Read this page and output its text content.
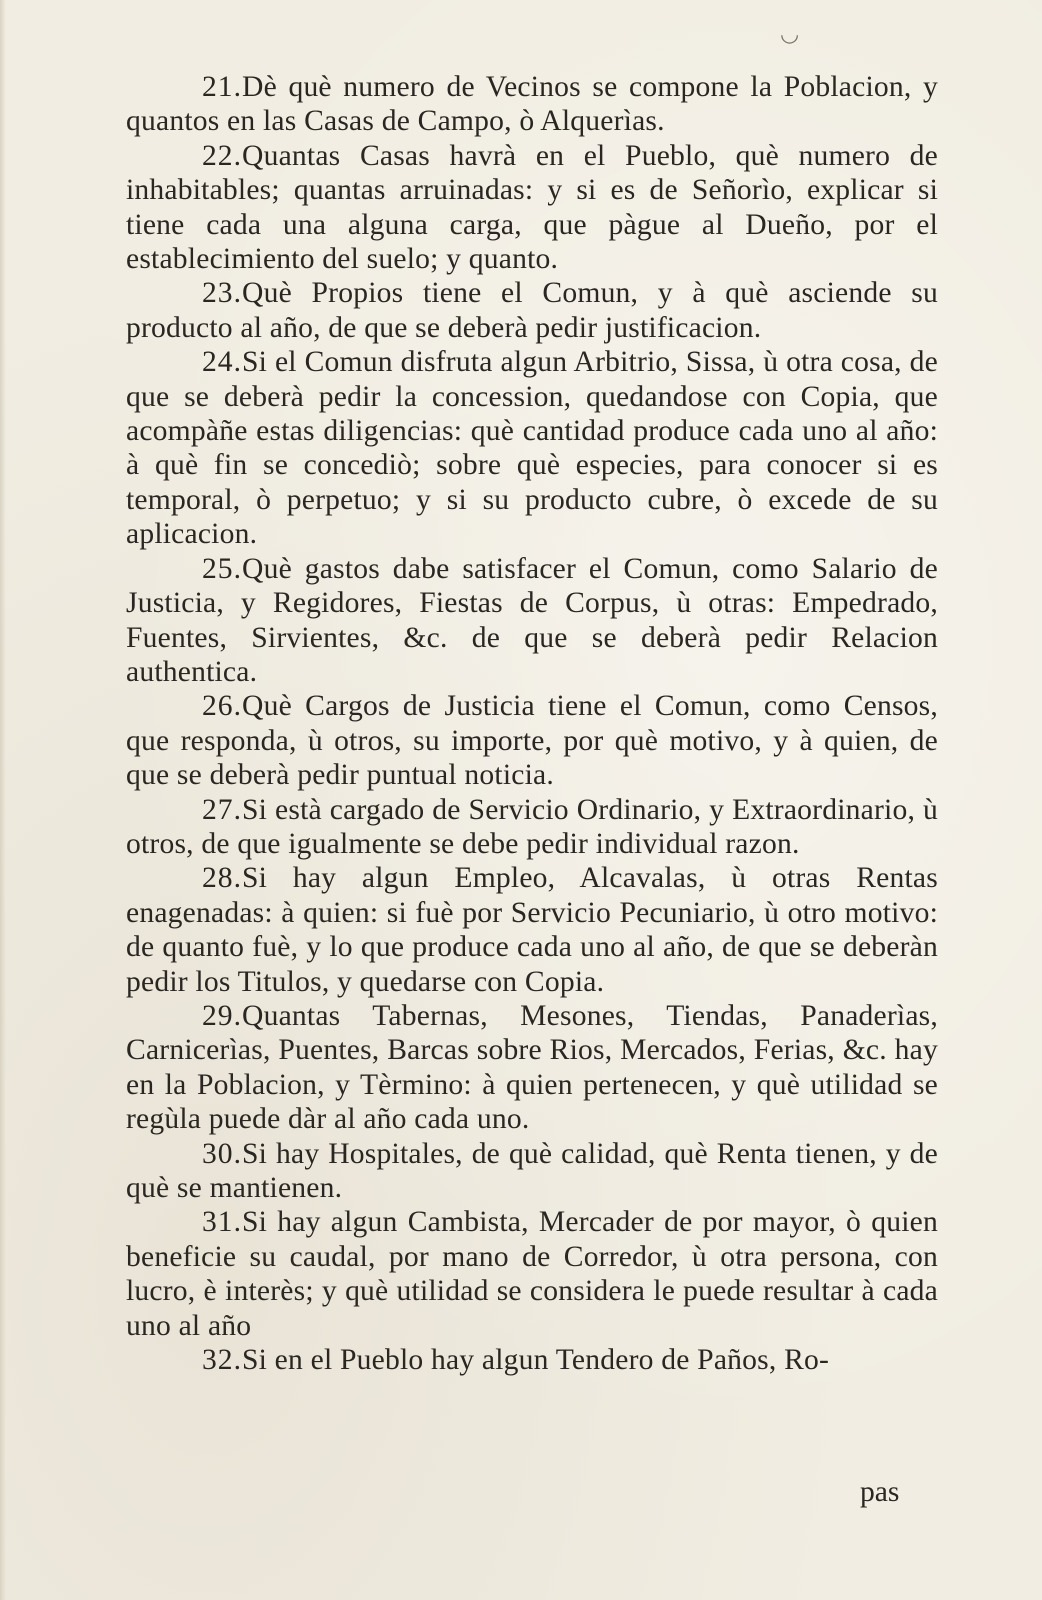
◡

21.Dè què numero de Vecinos se compone la Poblacion, y quantos en las Casas de Campo, ò Alquerìas.

22.Quantas Casas havrà en el Pueblo, què numero de inhabitables; quantas arruinadas: y si es de Señorìo, explicar si tiene cada una alguna carga, que pàgue al Dueño, por el establecimiento del suelo; y quanto.

23.Què Propios tiene el Comun, y à què asciende su producto al año, de que se deberà pedir justificacion.

24.Si el Comun disfruta algun Arbitrio, Sissa, ù otra cosa, de que se deberà pedir la concession, quedandose con Copia, que acompàñe estas diligencias: què cantidad produce cada uno al año: à què fin se concediò; sobre què especies, para conocer si es temporal, ò perpetuo; y si su producto cubre, ò excede de su aplicacion.

25.Què gastos dabe satisfacer el Comun, como Salario de Justicia, y Regidores, Fiestas de Corpus, ù otras: Empedrado, Fuentes, Sirvientes, &c. de que se deberà pedir Relacion authentica.

26.Què Cargos de Justicia tiene el Comun, como Censos, que responda, ù otros, su importe, por què motivo, y à quien, de que se deberà pedir puntual noticia.

27.Si està cargado de Servicio Ordinario, y Extraordinario, ù otros, de que igualmente se debe pedir individual razon.

28.Si hay algun Empleo, Alcavalas, ù otras Rentas enagenadas: à quien: si fuè por Servicio Pecuniario, ù otro motivo: de quanto fuè, y lo que produce cada uno al año, de que se deberàn pedir los Titulos, y quedarse con Copia.

29.Quantas Tabernas, Mesones, Tiendas, Panaderìas, Carnicerìas, Puentes, Barcas sobre Rios, Mercados, Ferias, &c. hay en la Poblacion, y Tèrmino: à quien pertenecen, y què utilidad se regùla puede dàr al año cada uno.

30.Si hay Hospitales, de què calidad, què Renta tienen, y de què se mantienen.

31.Si hay algun Cambista, Mercader de por mayor, ò quien beneficie su caudal, por mano de Corredor, ù otra persona, con lucro, è interès; y què utilidad se considera le puede resultar à cada uno al año

32.Si en el Pueblo hay algun Tendero de Paños, Ro-

pas
